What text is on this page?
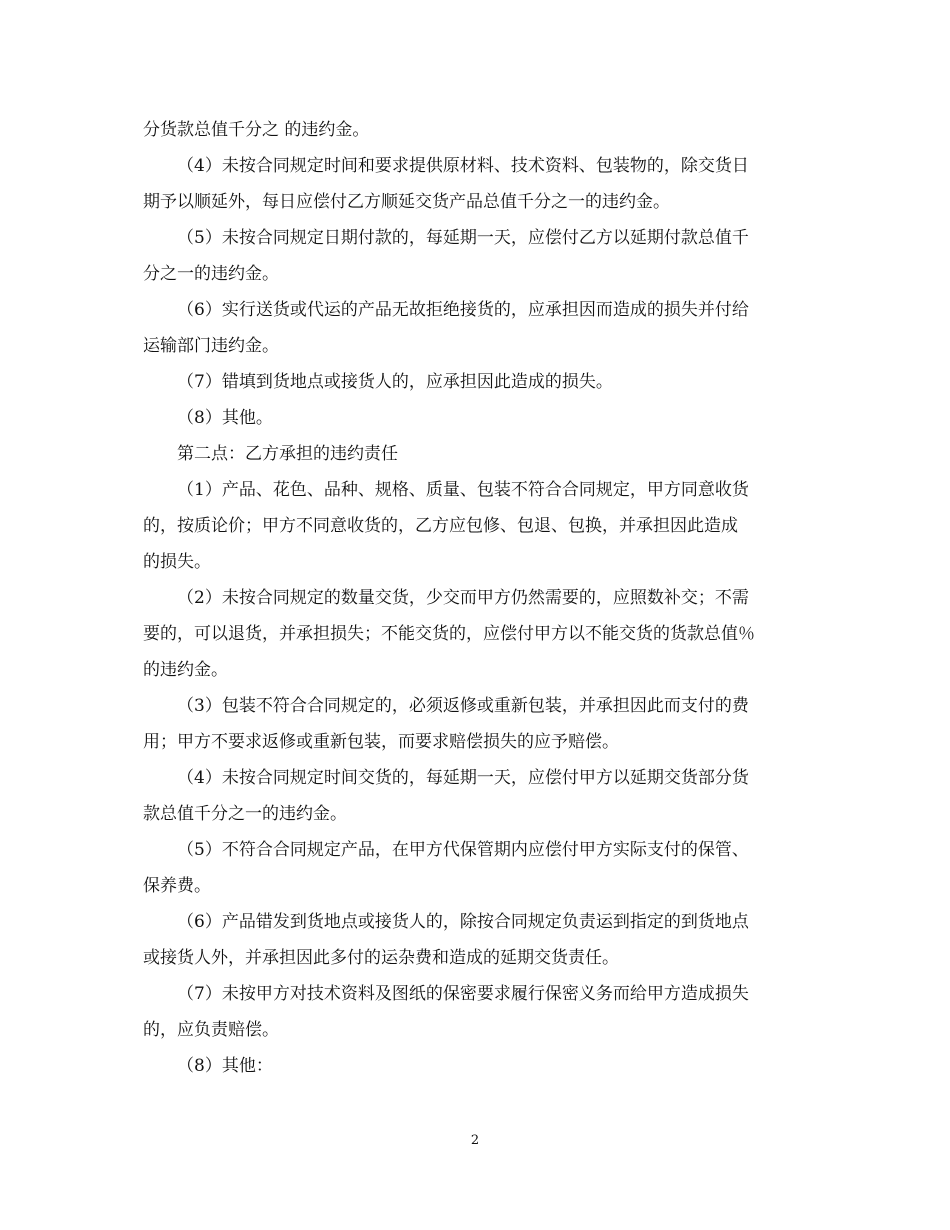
分货款总值千分之 的违约金。
（4）未按合同规定时间和要求提供原材料、技术资料、包装物的，除交货日
期予以顺延外，每日应偿付乙方顺延交货产品总值千分之一的违约金。
（5）未按合同规定日期付款的，每延期一天，应偿付乙方以延期付款总值千
分之一的违约金。
（6）实行送货或代运的产品无故拒绝接货的，应承担因而造成的损失并付给
运输部门违约金。
（7）错填到货地点或接货人的，应承担因此造成的损失。
（8）其他。
第二点：乙方承担的违约责任
（1）产品、花色、品种、规格、质量、包装不符合合同规定，甲方同意收货
的，按质论价；甲方不同意收货的，乙方应包修、包退、包换，并承担因此造成
的损失。
（2）未按合同规定的数量交货，少交而甲方仍然需要的，应照数补交；不需
要的，可以退货，并承担损失；不能交货的，应偿付甲方以不能交货的货款总值％
的违约金。
（3）包装不符合合同规定的，必须返修或重新包装，并承担因此而支付的费
用；甲方不要求返修或重新包装，而要求赔偿损失的应予赔偿。
（4）未按合同规定时间交货的，每延期一天，应偿付甲方以延期交货部分货
款总值千分之一的违约金。
（5）不符合合同规定产品，在甲方代保管期内应偿付甲方实际支付的保管、
保养费。
（6）产品错发到货地点或接货人的，除按合同规定负责运到指定的到货地点
或接货人外，并承担因此多付的运杂费和造成的延期交货责任。
（7）未按甲方对技术资料及图纸的保密要求履行保密义务而给甲方造成损失
的，应负责赔偿。
（8）其他：
2
